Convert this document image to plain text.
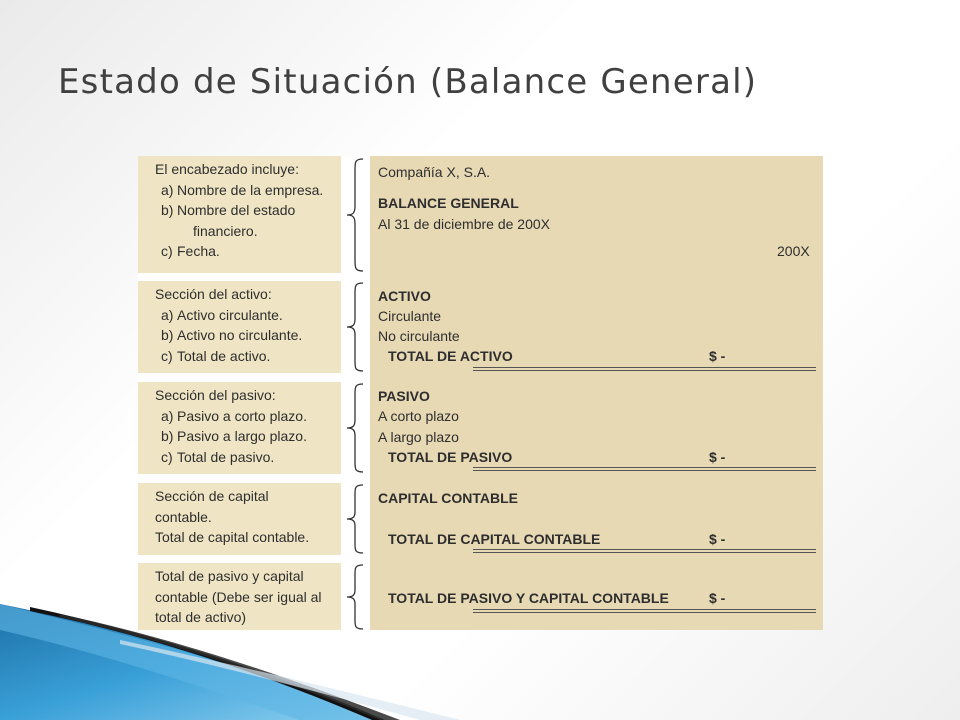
Estado de Situación (Balance General)
El encabezado incluye:
a) Nombre de la empresa.
b) Nombre del estado
financiero.
c) Fecha.
Sección del activo:
a) Activo circulante.
b) Activo no circulante.
c) Total de activo.
Sección del pasivo:
a) Pasivo a corto plazo.
b) Pasivo a largo plazo.
c) Total de pasivo.
Sección de capital
contable.
Total de capital contable.
Total de pasivo y capital
contable (Debe ser igual al
total de activo)
Compañía X, S.A.
BALANCE GENERAL
Al 31 de diciembre de 200X
200X
ACTIVO
Circulante
No circulante
TOTAL DE ACTIVO	$ -
PASIVO
A corto plazo
A largo plazo
TOTAL DE PASIVO	$ -
CAPITAL CONTABLE
TOTAL DE CAPITAL CONTABLE	$ -
TOTAL DE PASIVO Y CAPITAL CONTABLE	$ -
